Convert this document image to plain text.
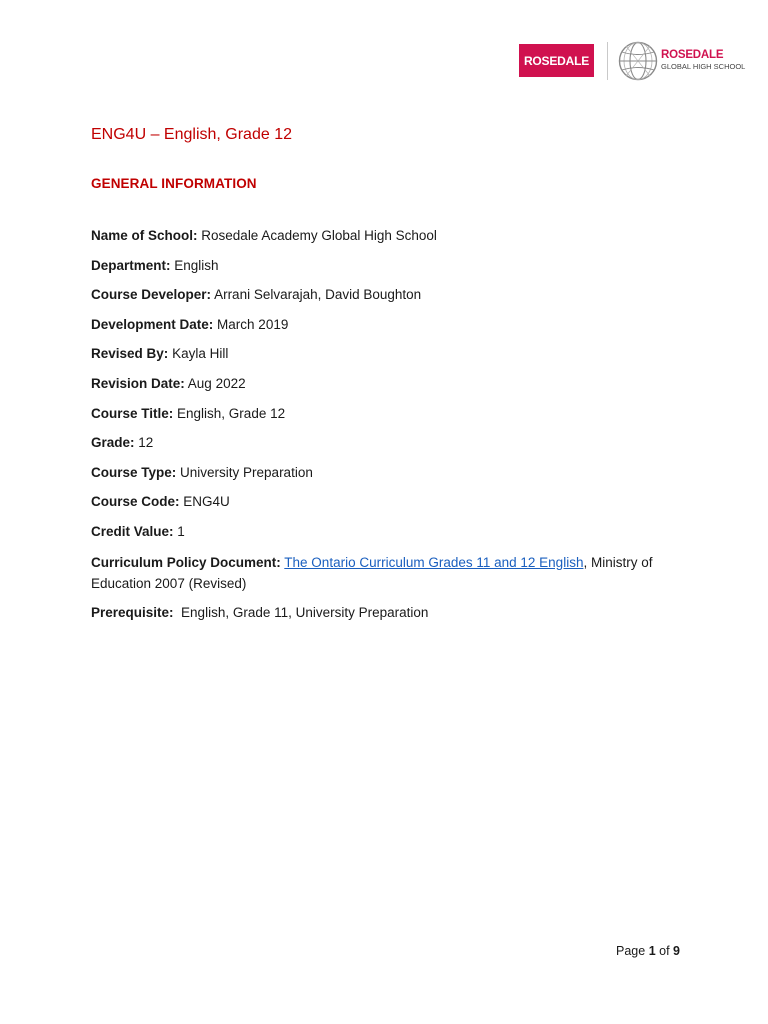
ROSEDALE	ROSEDALE
GLOBAL HIGH SCHOOL
ENG4U – English, Grade 12
GENERAL INFORMATION
Name of School: Rosedale Academy Global High School
Department: English
Course Developer: Arrani Selvarajah, David Boughton
Development Date: March 2019
Revised By: Kayla Hill
Revision Date: Aug 2022
Course Title: English, Grade 12
Grade: 12
Course Type: University Preparation
Course Code: ENG4U
Credit Value: 1
Curriculum Policy Document: The Ontario Curriculum Grades 11 and 12 English, Ministry of Education 2007 (Revised)
Prerequisite: English, Grade 11, University Preparation
Page 1 of 9
